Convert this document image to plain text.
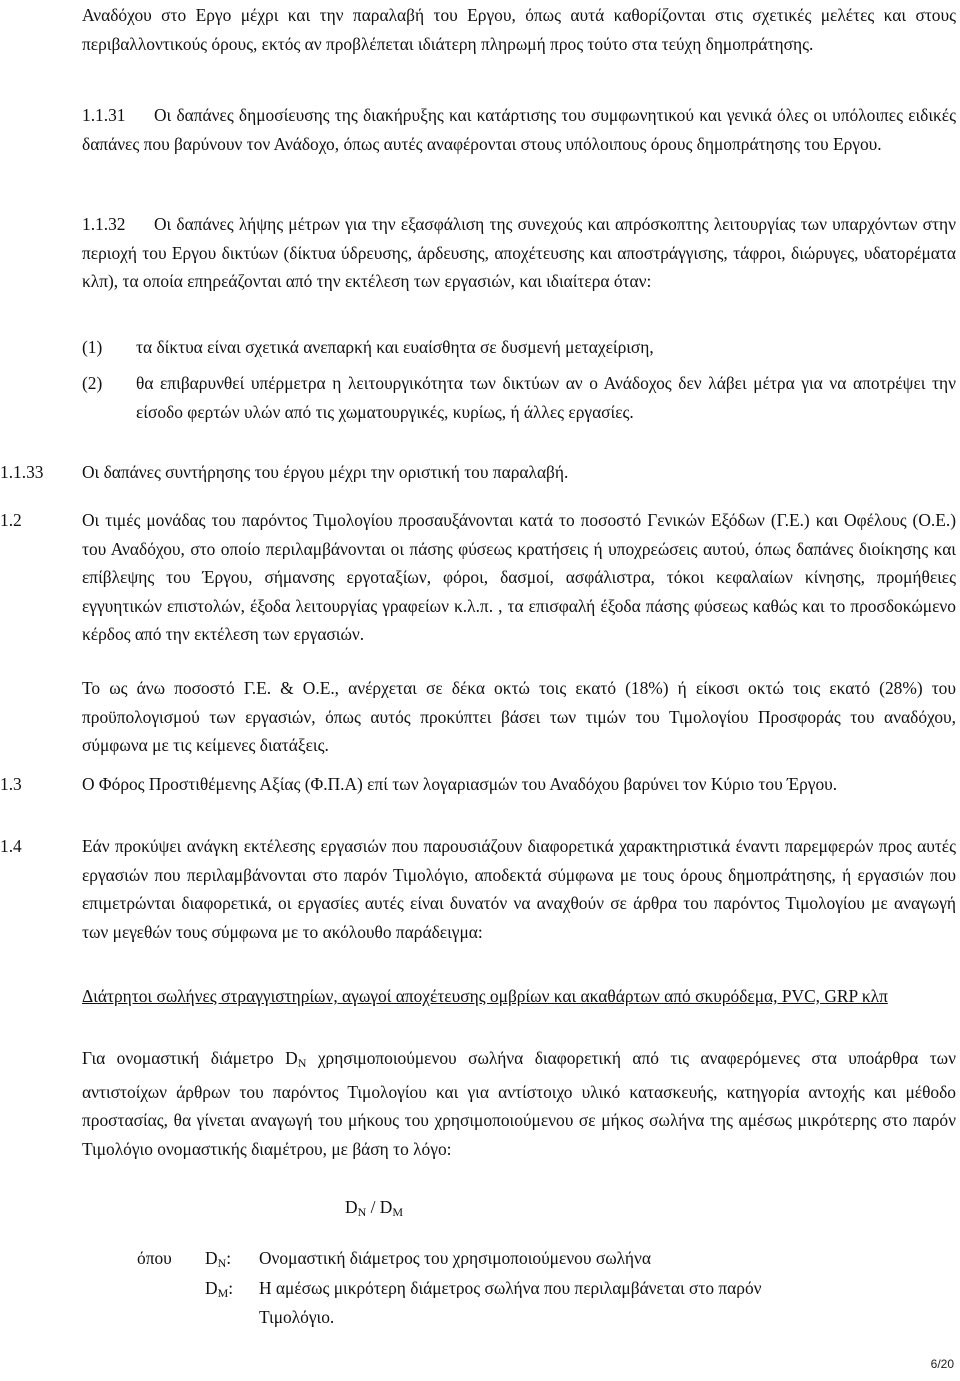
Αναδόχου στο Εργο μέχρι και την παραλαβή του Εργου, όπως αυτά καθορίζονται στις σχετικές μελέτες και στους περιβαλλοντικούς όρους, εκτός αν προβλέπεται ιδιάτερη πληρωμή προς τούτο στα τεύχη δημοπράτησης.
1.1.31	Οι δαπάνες δημοσίευσης της διακήρυξης και κατάρτισης του συμφωνητικού και γενικά όλες οι υπόλοιπες ειδικές δαπάνες που βαρύνουν τον Ανάδοχο, όπως αυτές αναφέρονται στους υπόλοιπους όρους δημοπράτησης του Εργου.
1.1.32	Οι δαπάνες λήψης μέτρων για την εξασφάλιση της συνεχούς και απρόσκοπτης λειτουργίας των υπαρχόντων στην περιοχή του Εργου δικτύων (δίκτυα ύδρευσης, άρδευσης, αποχέτευσης και αποστράγγισης, τάφροι, διώρυγες, υδατορέματα κλπ), τα οποία επηρεάζονται από την εκτέλεση των εργασιών, και ιδιαίτερα όταν:
(1) τα δίκτυα είναι σχετικά ανεπαρκή και ευαίσθητα σε δυσμενή μεταχείριση,
(2) θα επιβαρυνθεί υπέρμετρα η λειτουργικότητα των δικτύων αν ο Ανάδοχος δεν λάβει μέτρα για να αποτρέψει την είσοδο φερτών υλών από τις χωματουργικές, κυρίως, ή άλλες εργασίες.
1.1.33 Οι δαπάνες συντήρησης του έργου μέχρι την οριστική του παραλαβή.
1.2	Οι τιμές μονάδας του παρόντος Τιμολογίου προσαυξάνονται κατά το ποσοστό Γενικών Εξόδων (Γ.Ε.) και Οφέλους (Ο.Ε.) του Αναδόχου, στο οποίο περιλαμβάνονται οι πάσης φύσεως κρατήσεις ή υποχρεώσεις αυτού, όπως δαπάνες διοίκησης και επίβλεψης του Έργου, σήμανσης εργοταξίων, φόροι, δασμοί, ασφάλιστρα, τόκοι κεφαλαίων κίνησης, προμήθειες εγγυητικών επιστολών, έξοδα λειτουργίας γραφείων κ.λ.π. , τα επισφαλή έξοδα πάσης φύσεως καθώς και το προσδοκώμενο κέρδος από την εκτέλεση των εργασιών.
Το ως άνω ποσοστό Γ.Ε. & Ο.Ε., ανέρχεται σε δέκα οκτώ τοις εκατό (18%) ή είκοσι οκτώ τοις εκατό (28%) του προϋπολογισμού των εργασιών, όπως αυτός προκύπτει βάσει των τιμών του Τιμολογίου Προσφοράς του αναδόχου, σύμφωνα με τις κείμενες διατάξεις.
1.3	Ο Φόρος Προστιθέμενης Αξίας (Φ.Π.Α) επί των λογαριασμών του Αναδόχου βαρύνει τον Κύριο του Έργου.
1.4	Εάν προκύψει ανάγκη εκτέλεσης εργασιών που παρουσιάζουν διαφορετικά χαρακτηριστικά έναντι παρεμφερών προς αυτές εργασιών που περιλαμβάνονται στο παρόν Τιμολόγιο, αποδεκτά σύμφωνα με τους όρους δημοπράτησης, ή εργασιών που επιμετρώνται διαφορετικά, οι εργασίες αυτές είναι δυνατόν να αναχθούν σε άρθρα του παρόντος Τιμολογίου με αναγωγή των μεγεθών τους σύμφωνα με το ακόλουθο παράδειγμα:
Διάτρητοι σωλήνες στραγγιστηρίων, αγωγοί αποχέτευσης ομβρίων και ακαθάρτων από σκυρόδεμα, PVC, GRP κλπ
Για ονομαστική διάμετρο $D_N$ χρησιμοποιούμενου σωλήνα διαφορετική από τις αναφερόμενες στα υποάρθρα των αντιστοίχων άρθρων του παρόντος Τιμολογίου και για αντίστοιχο υλικό κατασκευής, κατηγορία αντοχής και μέθοδο προστασίας, θα γίνεται αναγωγή του μήκους του χρησιμοποιούμενου σε μήκος σωλήνα της αμέσως μικρότερης στο παρόν Τιμολόγιο ονομαστικής διαμέτρου, με βάση το λόγο:
$D_N / D_M$
όπου $D_N$: Ονομαστική διάμετρος του χρησιμοποιούμενου σωλήνα
$D_M$: Η αμέσως μικρότερη διάμετρος σωλήνα που περιλαμβάνεται στο παρόν Τιμολόγιο.
6/20
